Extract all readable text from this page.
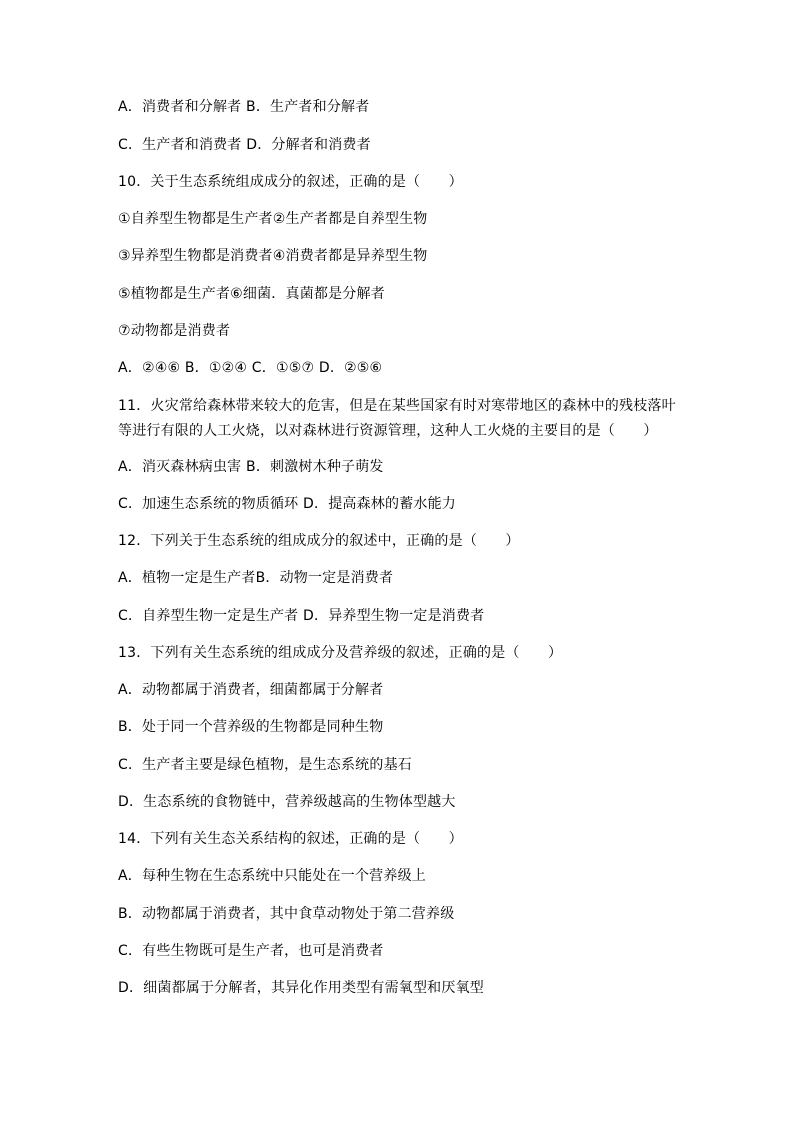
A．消费者和分解者 B．生产者和分解者
C．生产者和消费者 D．分解者和消费者
10．关于生态系统组成成分的叙述，正确的是（　　）
①自养型生物都是生产者②生产者都是自养型生物
③异养型生物都是消费者④消费者都是异养型生物
⑤植物都是生产者⑥细菌．真菌都是分解者
⑦动物都是消费者
A．②④⑥ B．①②④ C．①⑤⑦ D．②⑤⑥
11．火灾常给森林带来较大的危害，但是在某些国家有时对寒带地区的森林中的残枝落叶等进行有限的人工火烧，以对森林进行资源管理，这种人工火烧的主要目的是（　　）
A．消灭森林病虫害 B．刺激树木种子萌发
C．加速生态系统的物质循环 D．提高森林的蓄水能力
12．下列关于生态系统的组成成分的叙述中，正确的是（　　）
A．植物一定是生产者B．动物一定是消费者
C．自养型生物一定是生产者 D．异养型生物一定是消费者
13．下列有关生态系统的组成成分及营养级的叙述，正确的是（　　）
A．动物都属于消费者，细菌都属于分解者
B．处于同一个营养级的生物都是同种生物
C．生产者主要是绿色植物，是生态系统的基石
D．生态系统的食物链中，营养级越高的生物体型越大
14．下列有关生态关系结构的叙述，正确的是（　　）
A．每种生物在生态系统中只能处在一个营养级上
B．动物都属于消费者，其中食草动物处于第二营养级
C．有些生物既可是生产者，也可是消费者
D．细菌都属于分解者，其异化作用类型有需氧型和厌氧型
